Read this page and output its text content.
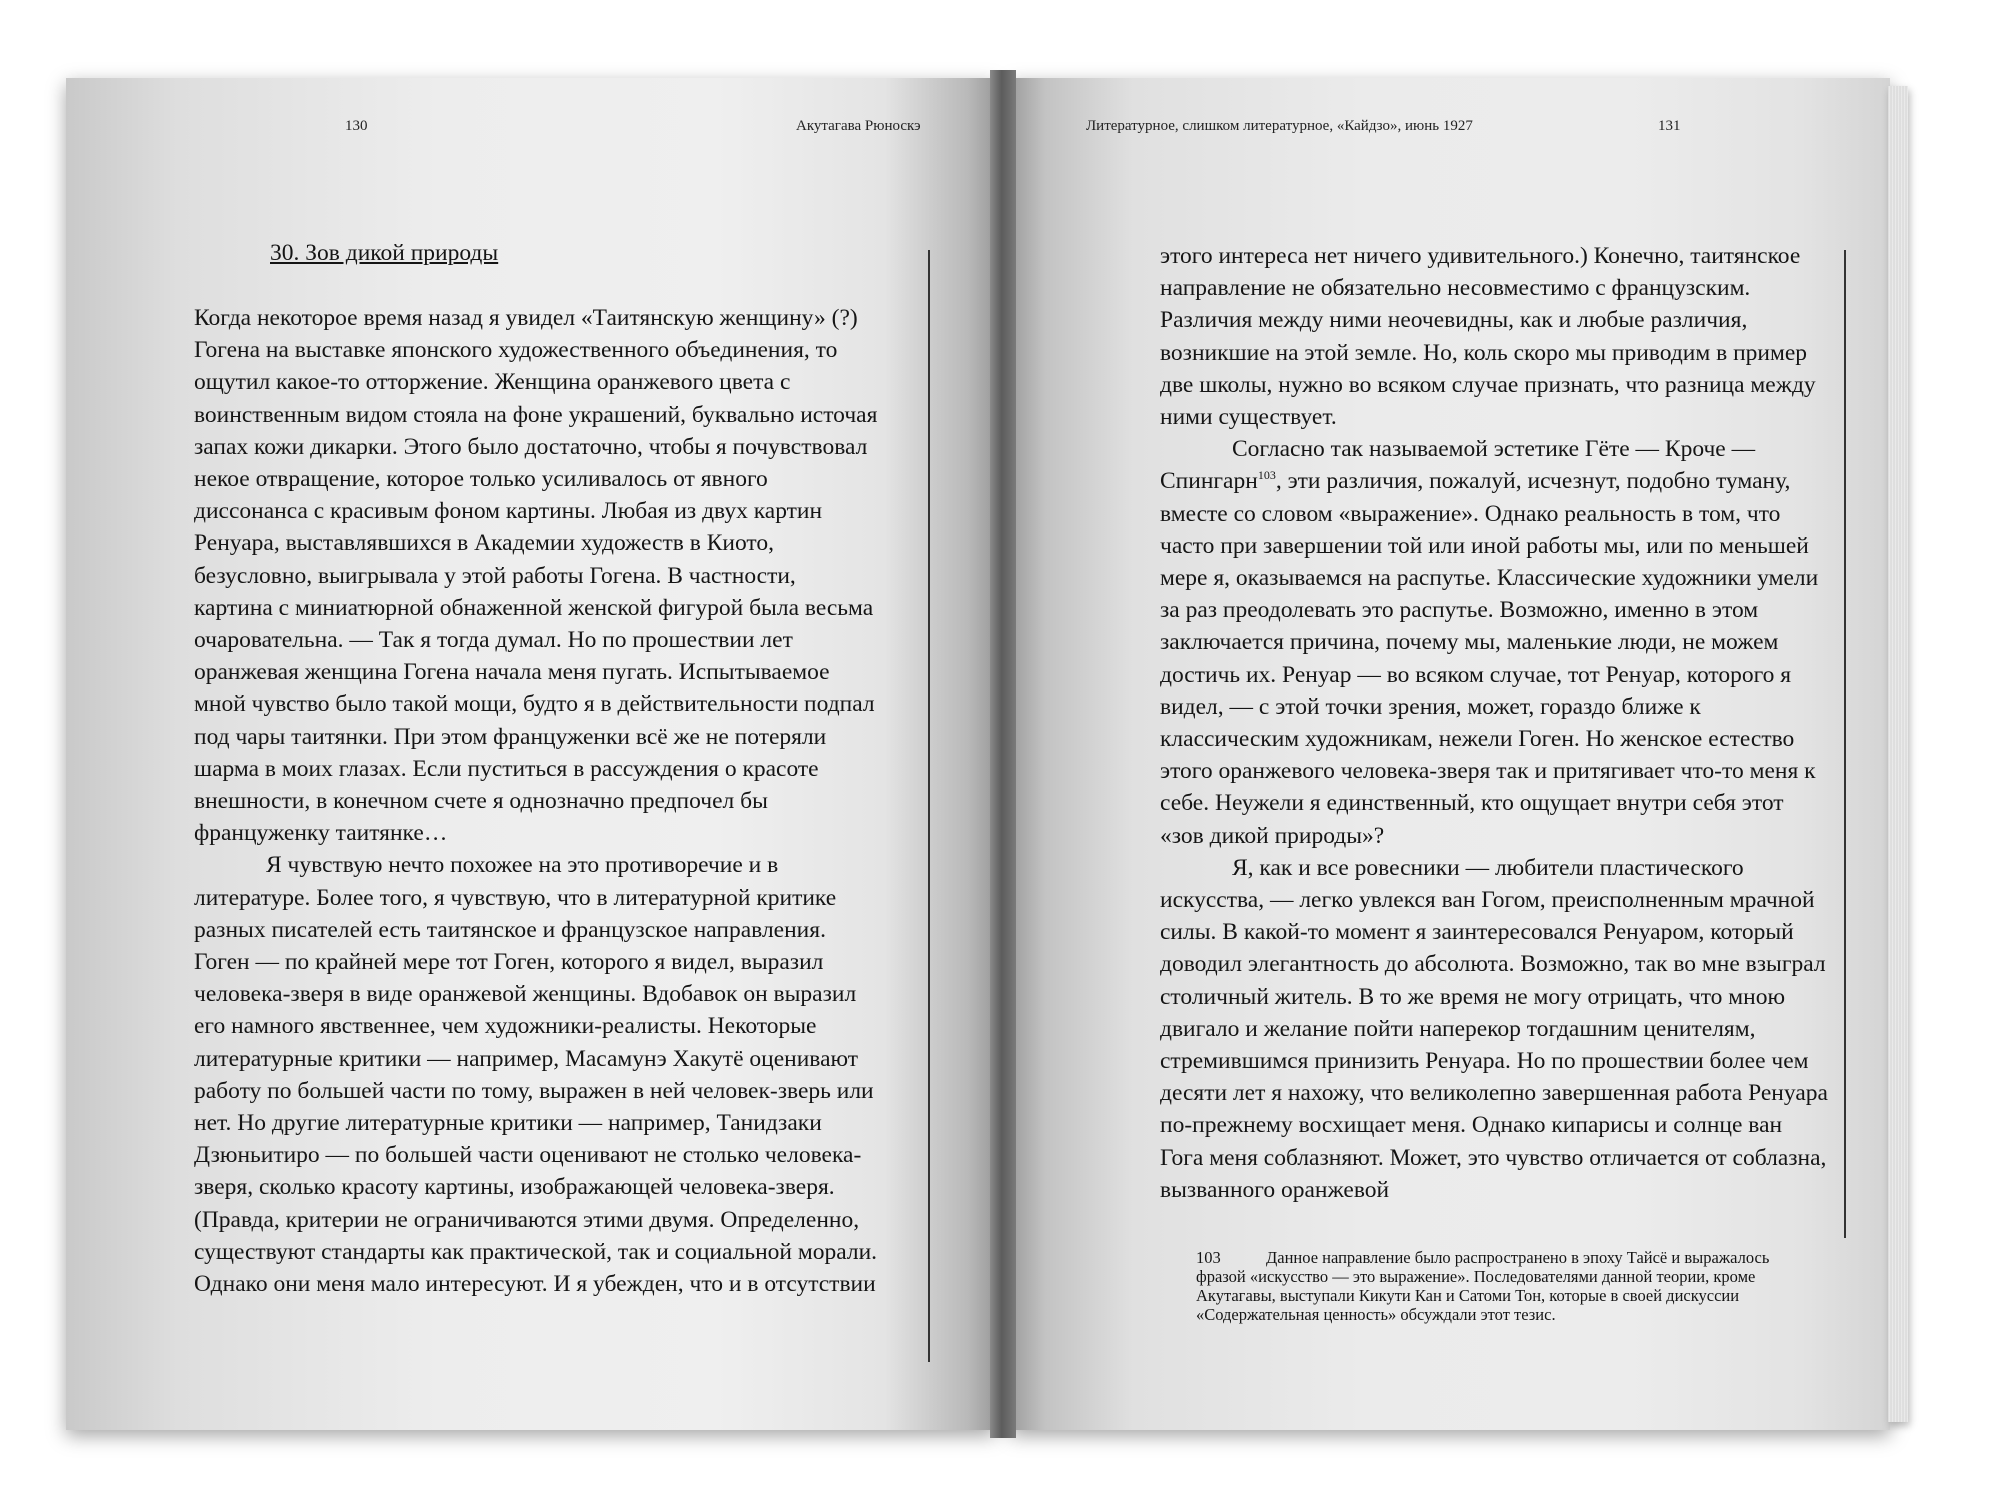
130	Акутагава Рюноскэ
30. Зов дикой природы

Когда некоторое время назад я увидел «Таитянскую женщину» (?) Гогена на выставке японского художественного объединения, то ощутил какое-то отторжение. Женщина оранжевого цвета с воинственным видом стояла на фоне украшений, буквально источая запах кожи дикарки. Этого было достаточно, чтобы я почувствовал некое отвращение, которое только усиливалось от явного диссонанса с красивым фоном картины. Любая из двух картин Ренуара, выставлявшихся в Академии художеств в Киото, безусловно, выигрывала у этой работы Гогена. В частности, картина с миниатюрной обнаженной женской фигурой была весьма очаровательна. — Так я тогда думал. Но по прошествии лет оранжевая женщина Гогена начала меня пугать. Испытываемое мной чувство было такой мощи, будто я в действительности подпал под чары таитянки. При этом француженки всё же не потеряли шарма в моих глазах. Если пуститься в рассуждения о красоте внешности, в конечном счете я однозначно предпочел бы француженку таитянке…

Я чувствую нечто похожее на это противоречие и в литературе. Более того, я чувствую, что в литературной критике разных писателей есть таитянское и французское направления. Гоген — по крайней мере тот Гоген, которого я видел, выразил человека-зверя в виде оранжевой женщины. Вдобавок он выразил его намного явственнее, чем художники-реалисты. Некоторые литературные критики — например, Масамунэ Хакутё оценивают работу по большей части по тому, выражен в ней человек-зверь или нет. Но другие литературные критики — например, Танидзаки Дзюньитиро — по большей части оценивают не столько человека-зверя, сколько красоту картины, изображающей человека-зверя. (Правда, критерии не ограничиваются этими двумя. Определенно, существуют стандарты как практической, так и социальной морали. Однако они меня мало интересуют. И я убежден, что и в отсутствии

Литературное, слишком литературное, «Кайдзо», июнь 1927	131

этого интереса нет ничего удивительного.) Конечно, таитянское направление не обязательно несовместимо с французским. Различия между ними неочевидны, как и любые различия, возникшие на этой земле. Но, коль скоро мы приводим в пример две школы, нужно во всяком случае признать, что разница между ними существует.

Согласно так называемой эстетике Гёте — Кроче — Спингарн$^{103}$, эти различия, пожалуй, исчезнут, подобно туману, вместе со словом «выражение». Однако реальность в том, что часто при завершении той или иной работы мы, или по меньшей мере я, оказываемся на распутье. Классические художники умели за раз преодолевать это распутье. Возможно, именно в этом заключается причина, почему мы, маленькие люди, не можем достичь их. Ренуар — во всяком случае, тот Ренуар, которого я видел, — с этой точки зрения, может, гораздо ближе к классическим художникам, нежели Гоген. Но женское естество этого оранжевого человека-зверя так и притягивает что-то меня к себе. Неужели я единственный, кто ощущает внутри себя этот «зов дикой природы»?

Я, как и все ровесники — любители пластического искусства, — легко увлекся ван Гогом, преисполненным мрачной силы. В какой-то момент я заинтересовался Ренуаром, который доводил элегантность до абсолюта. Возможно, так во мне взыграл столичный житель. В то же время не могу отрицать, что мною двигало и желание пойти наперекор тогдашним ценителям, стремившимся принизить Ренуара. Но по прошествии более чем десяти лет я нахожу, что великолепно завершенная работа Ренуара по-прежнему восхищает меня. Однако кипарисы и солнце ван Гога меня соблазняют. Может, это чувство отличается от соблазна, вызванного оранжевой

103	Данное направление было распространено в эпоху Тайсё и выражалось фразой «искусство — это выражение». Последователями данной теории, кроме Акутагавы, выступали Кикути Кан и Сатоми Тон, которые в своей дискуссии «Содержательная ценность» обсуждали этот тезис.
